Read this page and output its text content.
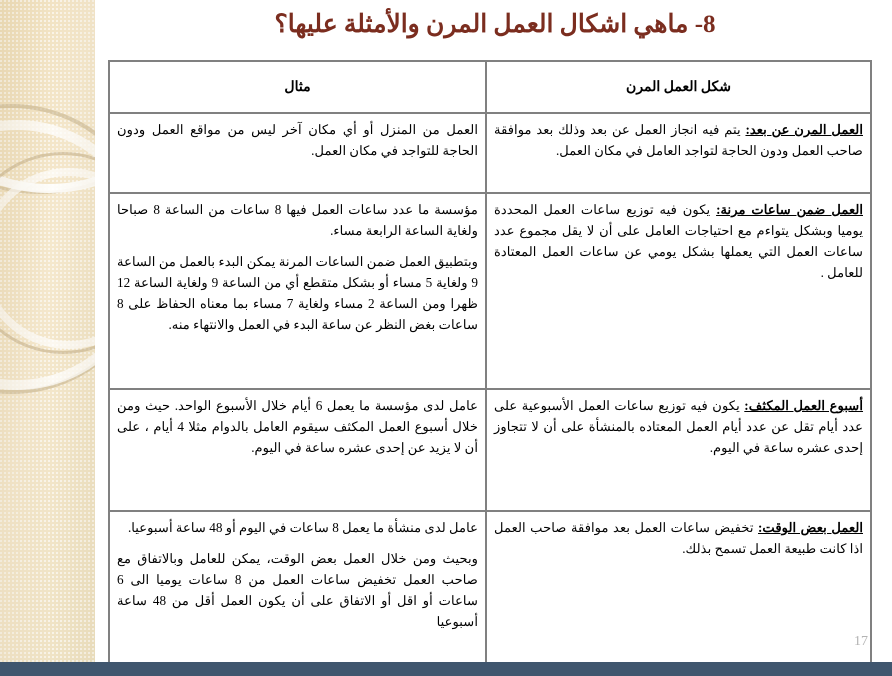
8- ماهي اشكال العمل المرن والأمثلة عليها؟
شكل العمل المرن	مثال

العمل المرن عن بعد: يتم فيه انجاز العمل عن بعد وذلك بعد موافقة صاحب العمل ودون الحاجة لتواجد العامل في مكان العمل.	العمل من المنزل أو أي مكان آخر ليس من مواقع العمل ودون الحاجة للتواجد في مكان العمل.

العمل ضمن ساعات مرنة: يكون فيه توزيع ساعات العمل المحددة يوميا وبشكل يتواءم مع احتياجات العامل على أن لا يقل مجموع عدد ساعات العمل التي يعملها بشكل يومي عن ساعات العمل المعتادة للعامل .	مؤسسة ما عدد ساعات العمل فيها 8 ساعات من الساعة 8 صباحا ولغاية الساعة الرابعة مساء.

وبتطبيق العمل ضمن الساعات المرنة يمكن البدء بالعمل من الساعة 9 ولغاية 5 مساء أو بشكل متقطع أي من الساعة 9 ولغاية الساعة 12 ظهرا ومن الساعة 2 مساء ولغاية 7 مساء بما معناه الحفاظ على 8 ساعات بغض النظر عن ساعة البدء في العمل والانتهاء منه.

أسبوع العمل المكثف: يكون فيه توزيع ساعات العمل الأسبوعية على عدد أيام تقل عن عدد أيام العمل المعتاده بالمنشأة على أن لا تتجاوز إحدى عشره ساعة في اليوم.	عامل لدى مؤسسة ما يعمل 6 أيام خلال الأسبوع الواحد. حيث ومن خلال أسبوع العمل المكثف سيقوم العامل بالدوام مثلا 4 أيام ، على أن لا يزيد عن إحدى عشره ساعة في اليوم.

العمل بعض الوقت: تخفيض ساعات العمل بعد موافقة صاحب العمل اذا كانت طبيعة العمل تسمح بذلك.	عامل لدى منشأة ما يعمل 8 ساعات في اليوم أو 48 ساعة أسبوعيا.

وبحيث ومن خلال العمل بعض الوقت، يمكن للعامل وبالاتفاق مع صاحب العمل تخفيض ساعات العمل من 8 ساعات يوميا الى 6 ساعات أو اقل أو الاتفاق على أن يكون العمل أقل من 48 ساعة أسبوعيا

17
